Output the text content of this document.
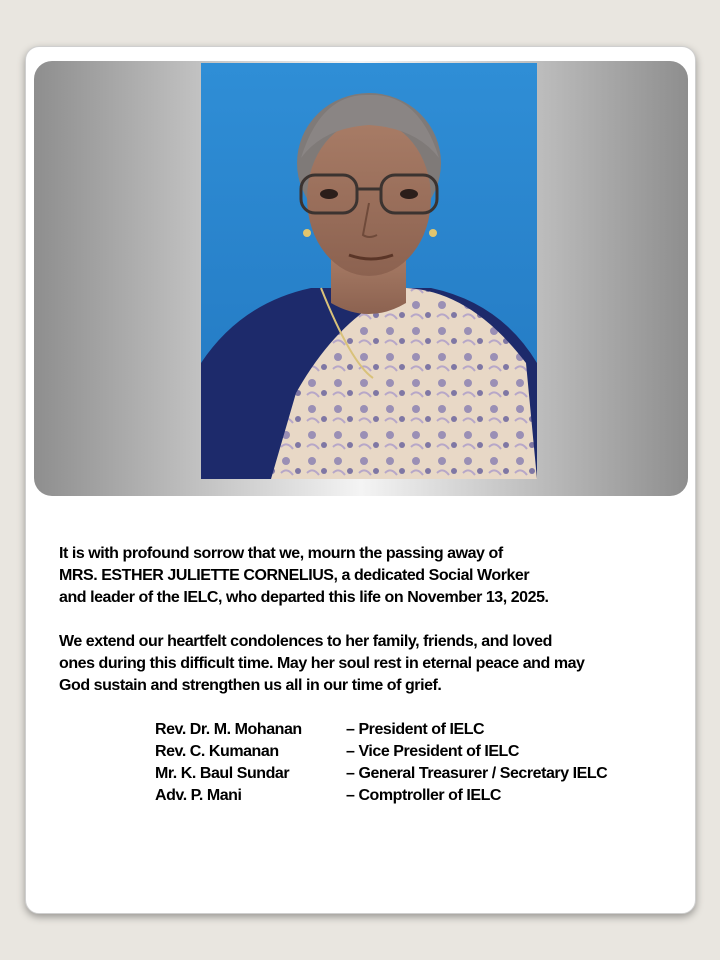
It is with profound sorrow that we, mourn the passing away of
MRS. ESTHER JULIETTE CORNELIUS, a dedicated Social Worker
and leader of the IELC, who departed this life on November 13, 2025.
We extend our heartfelt condolences to her family, friends, and loved
ones during this difficult time. May her soul rest in eternal peace and may
God sustain and strengthen us all in our time of grief.
Rev. Dr. M. Mohanan	– President of IELC
Rev. C. Kumanan	– Vice President of IELC
Mr. K. Baul Sundar	– General Treasurer / Secretary IELC
Adv. P. Mani	– Comptroller of IELC
